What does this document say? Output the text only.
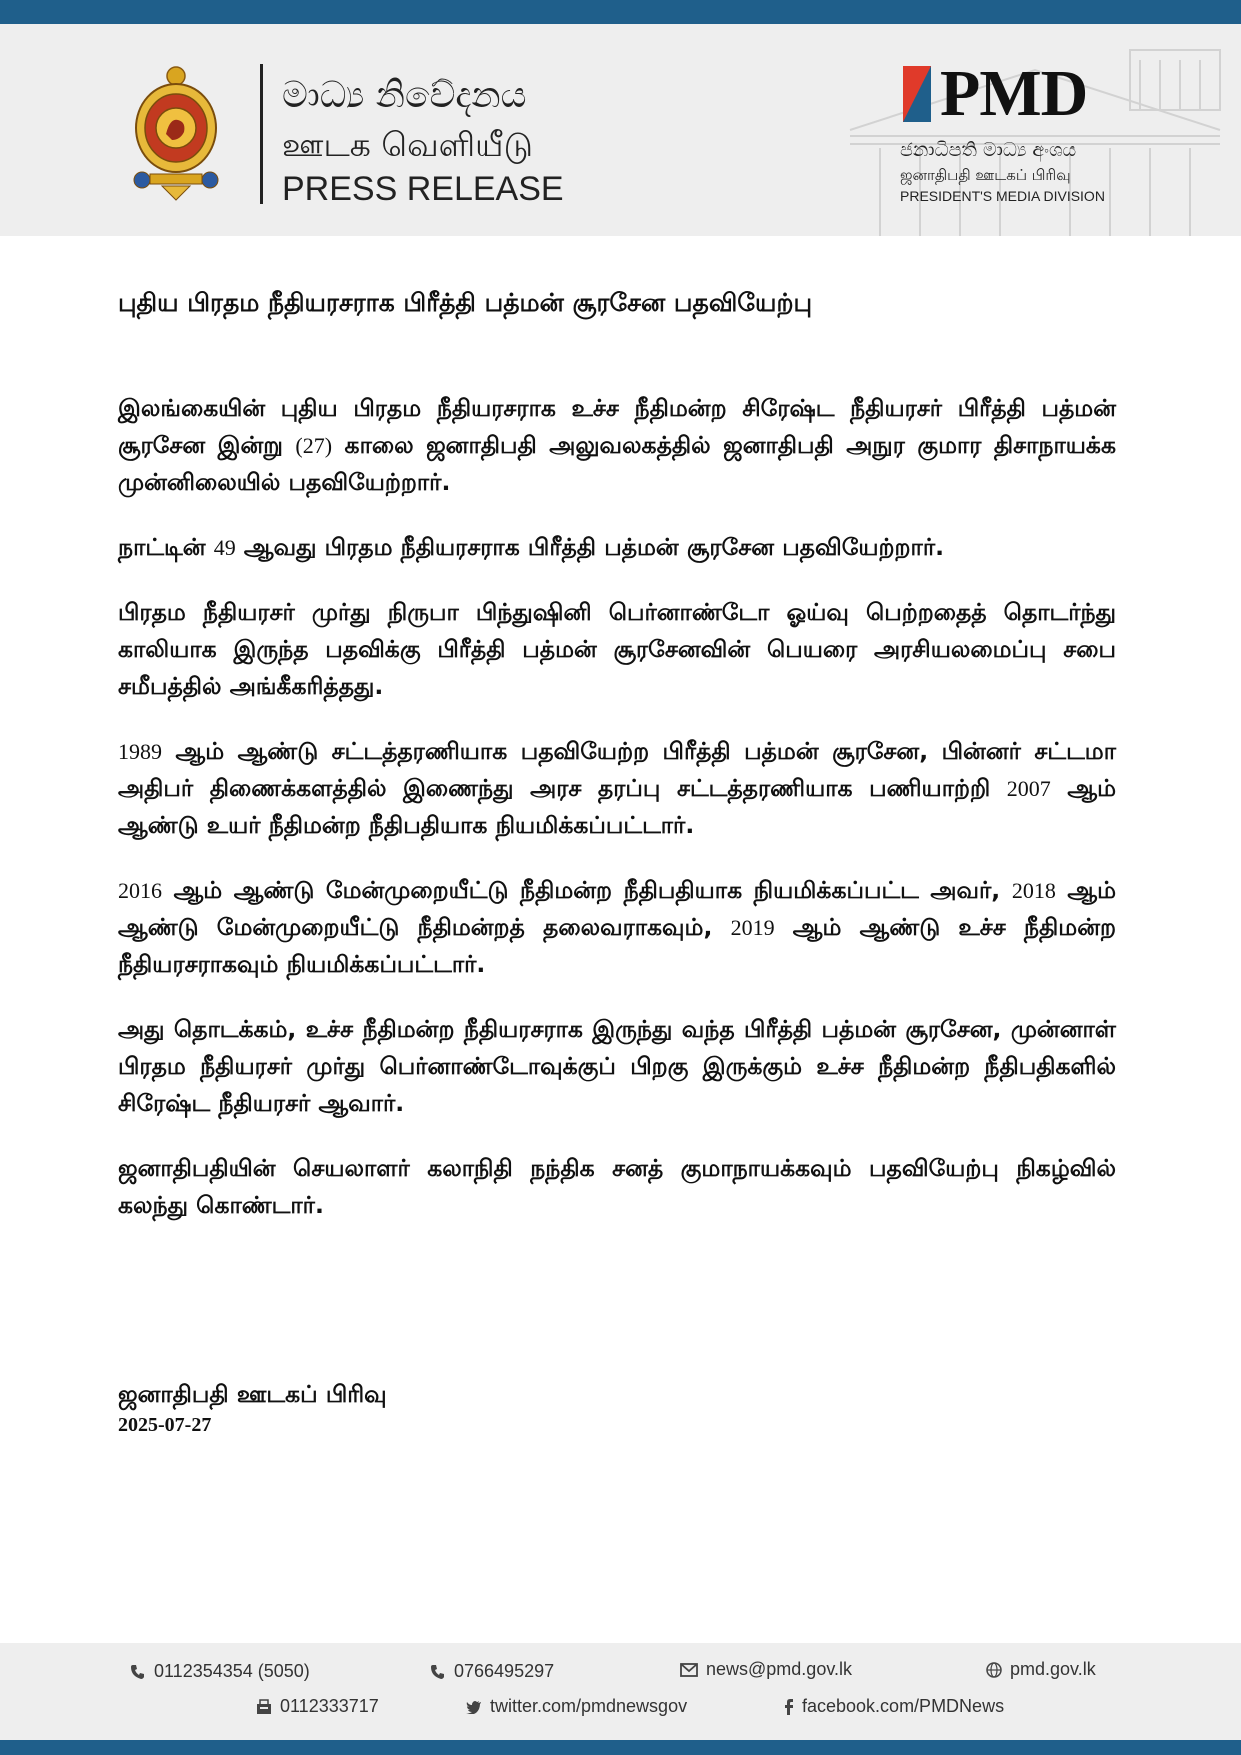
මාධ්‍ය නිවේදනය
ஊடக வெளியீடு
PRESS RELEASE
PMD
ජනාධිපති මාධ්‍ය අංශය
ஜனாதிபதி ஊடகப் பிரிவு
PRESIDENT'S MEDIA DIVISION
புதிய பிரதம நீதியரசராக பிரீத்தி பத்மன் சூரசேன பதவியேற்பு

இலங்கையின் புதிய பிரதம நீதியரசராக உச்ச நீதிமன்ற சிரேஷ்ட நீதியரசர் பிரீத்தி பத்மன் சூரசேன இன்று (27) காலை ஜனாதிபதி அலுவலகத்தில் ஜனாதிபதி அநுர குமார திசாநாயக்க முன்னிலையில் பதவியேற்றார்.

நாட்டின் 49 ஆவது பிரதம நீதியரசராக பிரீத்தி பத்மன் சூரசேன பதவியேற்றார்.

பிரதம நீதியரசர் முர்து நிருபா பிந்துஷினி பெர்னாண்டோ ஓய்வு பெற்றதைத் தொடர்ந்து காலியாக இருந்த பதவிக்கு பிரீத்தி பத்மன் சூரசேனவின் பெயரை அரசியலமைப்பு சபை சமீபத்தில் அங்கீகரித்தது.

1989 ஆம் ஆண்டு சட்டத்தரணியாக பதவியேற்ற பிரீத்தி பத்மன் சூரசேன, பின்னர் சட்டமா அதிபர் திணைக்களத்தில் இணைந்து அரச தரப்பு சட்டத்தரணியாக பணியாற்றி 2007 ஆம் ஆண்டு உயர் நீதிமன்ற நீதிபதியாக நியமிக்கப்பட்டார்.

2016 ஆம் ஆண்டு மேன்முறையீட்டு நீதிமன்ற நீதிபதியாக நியமிக்கப்பட்ட அவர், 2018 ஆம் ஆண்டு மேன்முறையீட்டு நீதிமன்றத் தலைவராகவும், 2019 ஆம் ஆண்டு உச்ச நீதிமன்ற நீதியரசராகவும் நியமிக்கப்பட்டார்.

அது தொடக்கம், உச்ச நீதிமன்ற நீதியரசராக இருந்து வந்த பிரீத்தி பத்மன் சூரசேன, முன்னாள் பிரதம நீதியரசர் முர்து பெர்னாண்டோவுக்குப் பிறகு இருக்கும் உச்ச நீதிமன்ற நீதிபதிகளில் சிரேஷ்ட நீதியரசர் ஆவார்.

ஜனாதிபதியின் செயலாளர் கலாநிதி நந்திக சனத் குமாநாயக்கவும் பதவியேற்பு நிகழ்வில் கலந்து கொண்டார்.

ஜனாதிபதி ஊடகப் பிரிவு
2025-07-27
0112354354 (5050)	0766495297	news@pmd.gov.lk	pmd.gov.lk
0112333717	twitter.com/pmdnewsgov	facebook.com/PMDNews
